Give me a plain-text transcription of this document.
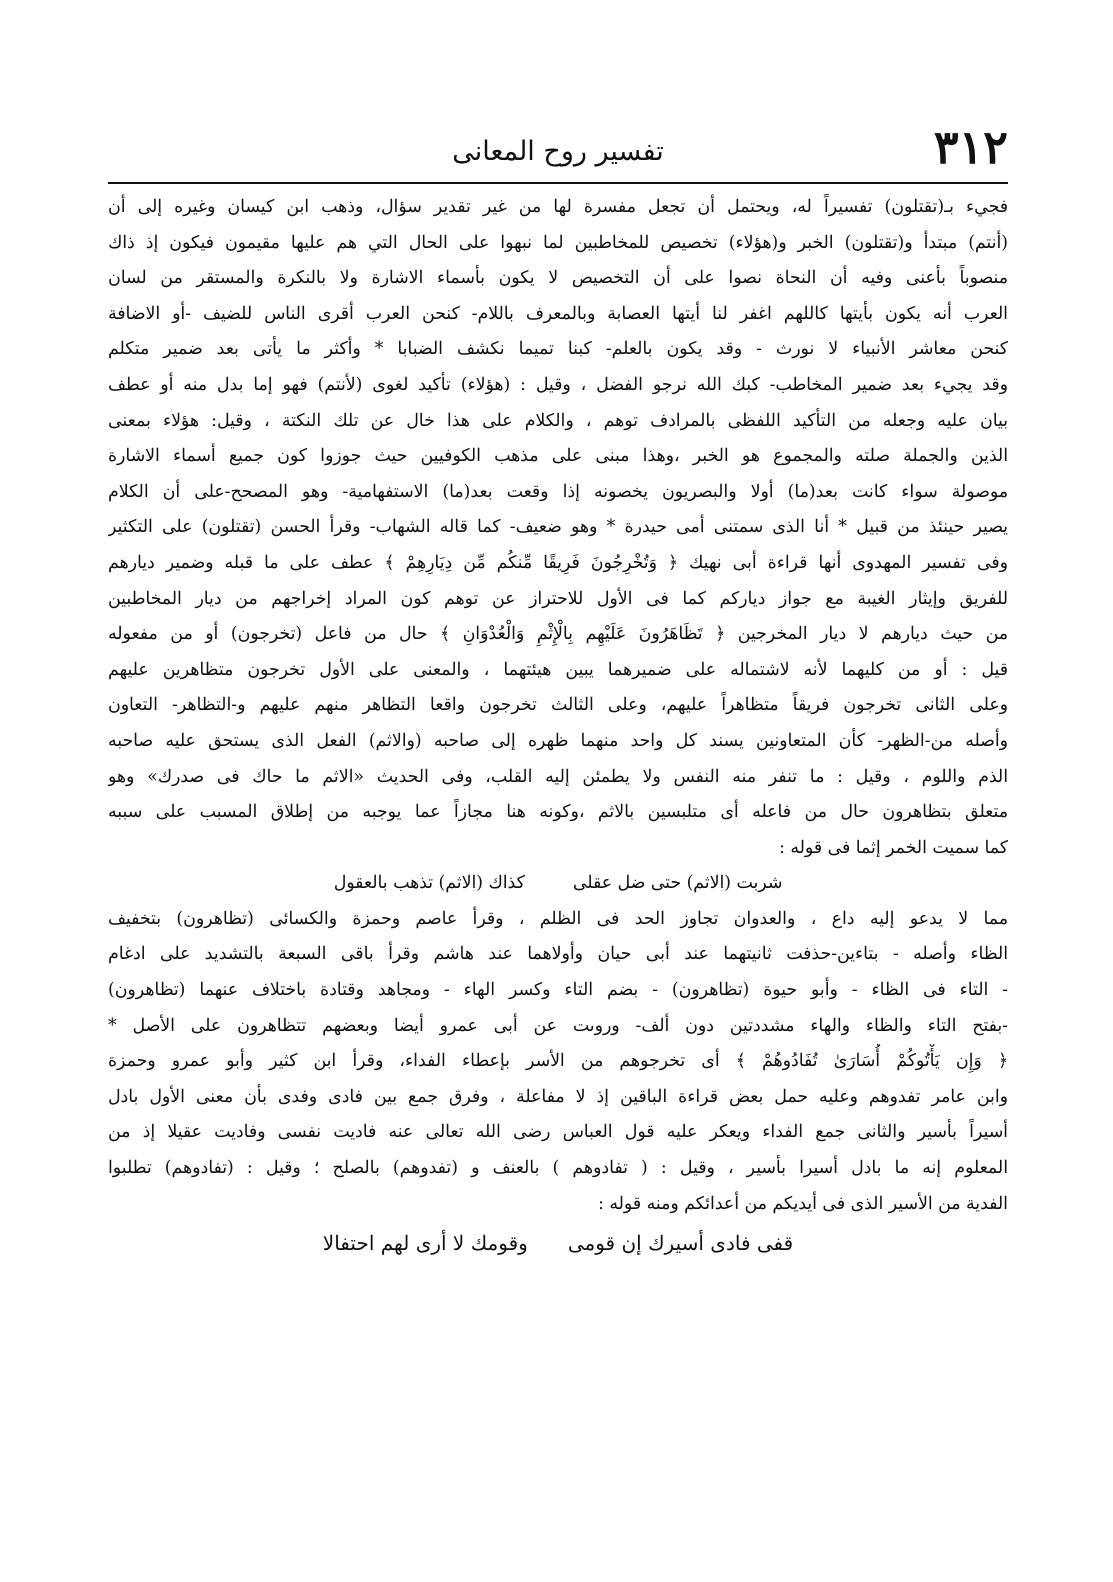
٣١٢
تفسير روح المعانى
فجيء بـ(تقتلون) تفسيراً له، ويحتمل أن تجعل مفسرة لها من غير تقدير سؤال، وذهب ابن كيسان وغيره إلى أن
(أنتم) مبتدأ و(تقتلون) الخبر و(هؤلاء) تخصيص للمخاطبين لما نبهوا على الحال التي هم عليها مقيمون فيكون إذ ذاك
منصوباً بأعنى وفيه أن النحاة نصوا على أن التخصيص لا يكون بأسماء الاشارة ولا بالنكرة والمستقر من لسان
العرب أنه يكون بأيتها كاللهم اغفر لنا أيتها العصابة وبالمعرف باللام- كنحن العرب أقرى الناس للضيف -أو الاضافة
كنحن معاشر الأنبياء لا نورث - وقد يكون بالعلم- كبنا تميما نكشف الضبابا * وأكثر ما يأتى بعد ضمير متكلم
وقد يجيء بعد ضمير المخاطب- كبك الله نرجو الفضل ، وقيل : (هؤلاء) تأكيد لغوى (لأنتم) فهو إما بدل منه أو عطف
بيان عليه وجعله من التأكيد اللفظى بالمرادف توهم ، والكلام على هذا خال عن تلك النكتة ، وقيل: هؤلاء بمعنى
الذين والجملة صلته والمجموع هو الخبر ،وهذا مبنى على مذهب الكوفيين حيث جوزوا كون جميع أسماء الاشارة
موصولة سواء كانت بعد(ما) أولا والبصريون يخصونه إذا وقعت بعد(ما) الاستفهامية- وهو المصحح-على أن الكلام
يصير حينئذ من قبيل * أنا الذى سمتنى أمى حيدرة * وهو ضعيف- كما قاله الشهاب- وقرأ الحسن (تقتلون) على التكثير
وفى تفسير المهدوى أنها قراءة أبى نهيك ﴿ وَتُخْرِجُونَ فَرِيقًا مِّنكُم مِّن دِيَارِهِمْ ﴾ عطف على ما قبله وضمير ديارهم
للفريق وإيثار الغيبة مع جواز دياركم كما فى الأول للاحتراز عن توهم كون المراد إخراجهم من ديار المخاطبين
من حيث ديارهم لا ديار المخرجين ﴿ تَظَاهَرُونَ عَلَيْهِم بِالْإِثْمِ وَالْعُدْوَانِ ﴾ حال من فاعل (تخرجون) أو من مفعوله
قيل : أو من كليهما لأنه لاشتماله على ضميرهما يبين هيئتهما ، والمعنى على الأول تخرجون متظاهرين عليهم
وعلى الثانى تخرجون فريقاً متظاهراً عليهم، وعلى الثالث تخرجون واقعا التظاهر منهم عليهم و-التظاهر- التعاون
وأصله من-الظهر- كأن المتعاونين يسند كل واحد منهما ظهره إلى صاحبه (والاثم) الفعل الذى يستحق عليه صاحبه
الذم واللوم ، وقيل : ما تنفر منه النفس ولا يطمئن إليه القلب، وفى الحديث «الاثم ما حاك فى صدرك» وهو
متعلق بتظاهرون حال من فاعله أى متلبسين بالاثم ،وكونه هنا مجازاً عما يوجبه من إطلاق المسبب على سببه
كما سميت الخمر إثما فى قوله :
شربت (الاثم) حتى ضل عقلى
كذاك (الاثم) تذهب بالعقول
مما لا يدعو إليه داع ، والعدوان تجاوز الحد فى الظلم ، وقرأ عاصم وحمزة والكسائى (تظاهرون) بتخفيف
الظاء وأصله - بتاءين-حذفت ثانيتهما عند أبى حيان وأولاهما عند هاشم وقرأ باقى السبعة بالتشديد على ادغام
- التاء فى الظاء - وأبو حيوة (تظاهرون) - بضم التاء وكسر الهاء - ومجاهد وقتادة باختلاف عنهما (تظاهرون)
-بفتح التاء والظاء والهاء مشددتين دون ألف- وروىت عن أبى عمرو أيضا وبعضهم تتظاهرون على الأصل *
﴿ وَإِن يَأْتُوكُمْ أُسَارَىٰ تُفَادُوهُمْ ﴾ أى تخرجوهم من الأسر بإعطاء الفداء، وقرأ ابن كثير وأبو عمرو وحمزة
وابن عامر تفدوهم وعليه حمل بعض قراءة الباقين إذ لا مفاعلة ، وفرق جمع بين فادى وفدى بأن معنى الأول بادل
أسيراً بأسير والثانى جمع الفداء ويعكر عليه قول العباس رضى الله تعالى عنه فاديت نفسى وفاديت عقيلا إذ من
المعلوم إنه ما بادل أسيرا بأسير ، وقيل : ( تفادوهم ) بالعنف و (تفدوهم) بالصلح ؛ وقيل : (تفادوهم) تطلبوا
الفدية من الأسير الذى فى أيديكم من أعدائكم ومنه قوله :
قفى فادى أسيرك إن قومى
وقومك لا أرى لهم احتفالا
